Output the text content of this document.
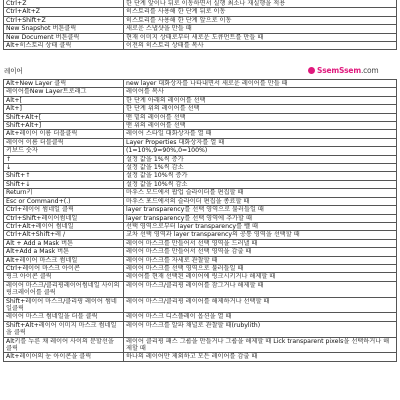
Ctrl+Z	한 단계 앞이나 뒤로 이동하면서 실행 최소나 재실행을 적용
Ctrl+Alt+Z	히스토리를 사용해 한 단계 뒤로 이동
Ctrl+Shift+Z	히스토리를 사용해 한 단계 앞으로 이동
New Snapshot 버튼클릭	새로운 스냅샷을 만들 때
New Document 버튼클릭	현재 이미지 상태로부터 새로운 도큐먼트를 만들 때
Alt+히스토리 상태 클릭	이전의 히스토리 상태를 복사
레이어	SsemSsem.com
Alt+New Layer 클릭	new layer 대화상자를 나타내면서 새로운 레이어를 만들 때
레이어를New Layer트로래그	레이어를 복사
Alt+[	한 단계 아래의 레이어를 선택
Alt+]	한 단계 위의 레이어를 선택
Shift+Alt+[	맨 밑의 레이어를 선택
Shift+Alt+]	맨 위의 레이어를 선택
Alt+레이어 이름 더블클릭	레이어 스타일 대화상자를 열 때
레이어 이름 더블클릭	Layer Properties 대화상자를 열 때
키보드 숫자	(1=10%,9=90%,0=100%)
↑	설정 값을 1%씩 증가
↓	설정 값을 1%씩 감소
Shift+↑	설정 값을 10%씩 증가
Shift+↓	설정 값을 10%씩 감소
Return키	마우스 모드에서 팝업 슬라이더를 편집할 때
Esc or Command+(.)	마우스 포드에서의 슬라이더 편집을 종료할 때
Ctrl+레이어 썸네일 클릭	layer transparency를 선택 영역으로 불러들일 때
Ctrl+Shift+레이어썸네일	layer transparency를 선택 영역에 추가할 때
Ctrl+Alt+레이어 썸네일	선택 영역으로부터 layer transparency를 뺄 때
Ctrl+Alt+Shift+레 /	교차 선택 영역과 layer transparency의 공통 영역을 선택할 때
Alt + Add a Mask 버튼	레이어 마스크를 만들어서 선택 영역을 드러낼 때
Alt+Add a Mask 버튼	레이어 마스크를 만들어서 선택 영역을 감출 때
Alt+레이어 마스크 썸네일	레이어 마스크를 자세로 관찰할 때
Ctrl+레이어 마스크 아이콘	레이어 마스크를 선택 영역으로 불러들일 때
링크 아이콘 클릭	레이어를 현재 선택된 레이어에 링크시키거나 해제할 때
레이어 마스크/클리핑레이어썸네일 사이의 링크레이어를 클릭	레이어 마스크/클리핑 레이어를 잠그거나 해제할 때
Shift+레이어 마스크/클리핑 레이어 썸네일클릭	레이어 마스크/클리핑 레이어를 해제하거나 선택할 때
레이어 마스크 썸네일을 더블 클릭	레이어 마스크 디스플레이 옵션을 열 때
Shift+Alt+레이어 이미지 마스크 썸네일을 클릭	레이어 마스크를 알파 채널로 관찰할 때(rubylith)
Alt키를 누른 채 레이어 사이의 분할선을 클릭	레이어 클리핑 패스 그룹을 만들거나 그룹을 해제할 때 Lick transparent pixels을 선택하거나 해제할 때
Alt+레이어의 눈 아이콘을 클릭	하나의 레이어만 제외하고 모든 레이어를 감출 때
